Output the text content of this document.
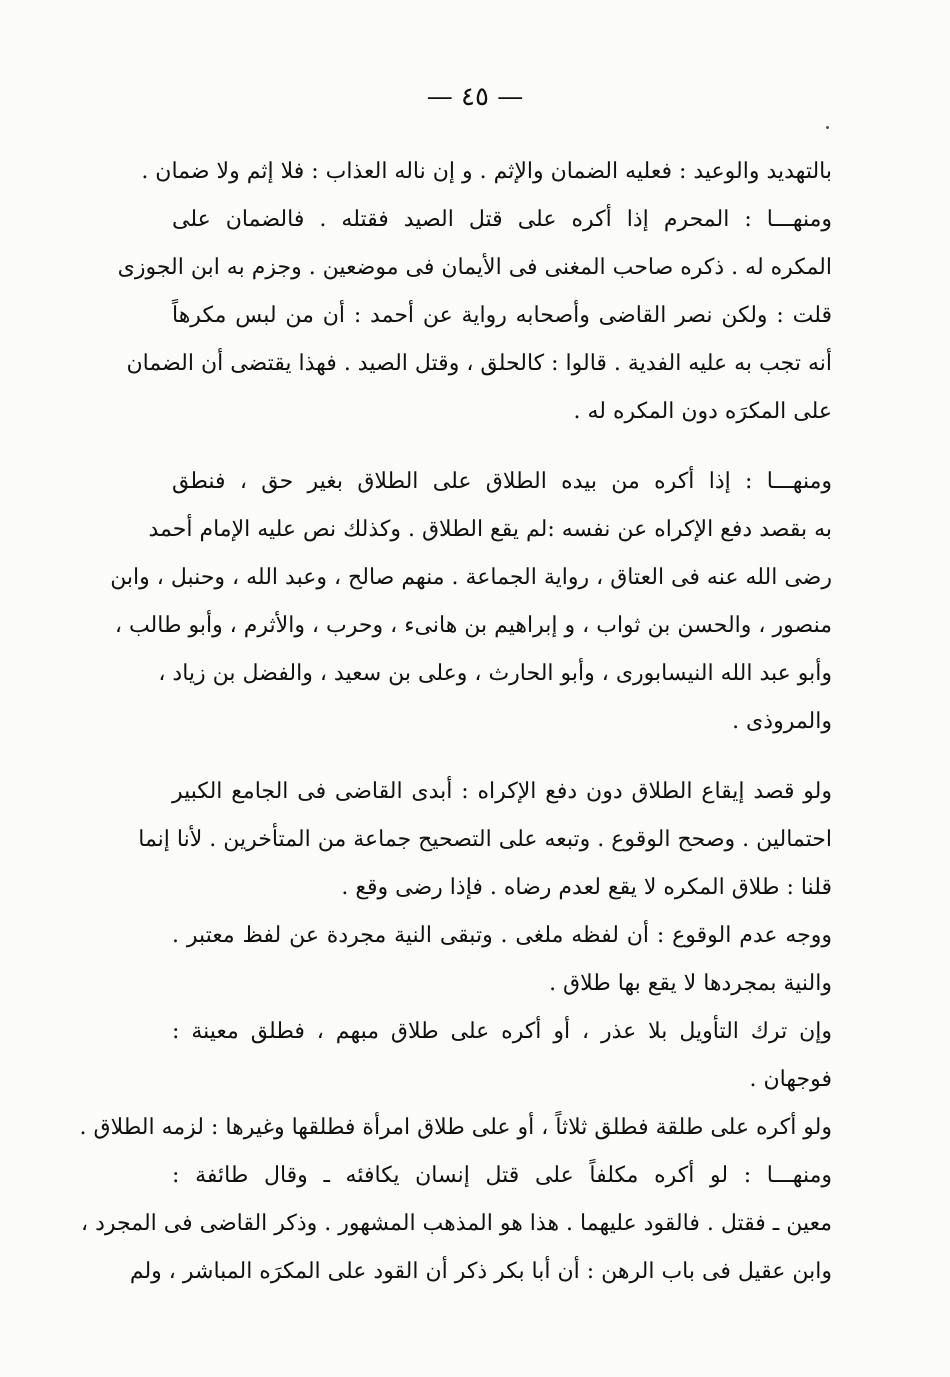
— ٤٥ —
بالتهديد والوعيد : فعليه الضمان والإثم . و إن ناله العذاب : فلا إثم ولا ضمان .
ومنهـــا : المحرم إذا أكره على قتل الصيد فقتله . فالضمان على
المكره له . ذكره صاحب المغنى فى الأيمان فى موضعين . وجزم به ابن الجوزى
قلت : ولكن نصر القاضى وأصحابه رواية عن أحمد : أن من لبس مكرهاً
أنه تجب به عليه الفدية . قالوا : كالحلق ، وقتل الصيد . فهذا يقتضى أن الضمان
على المكرَه دون المكره له .
ومنهـــا : إذا أكره من بيده الطلاق على الطلاق بغير حق ، فنطق
به بقصد دفع الإكراه عن نفسه :لم يقع الطلاق . وكذلك نص عليه الإمام أحمد
رضى الله عنه فى العتاق ، رواية الجماعة . منهم صالح ، وعبد الله ، وحنبل ، وابن
منصور ، والحسن بن ثواب ، و إبراهيم بن هانىء ، وحرب ، والأثرم ، وأبو طالب ،
وأبو عبد الله النيسابورى ، وأبو الحارث ، وعلى بن سعيد ، والفضل بن زياد ،
والمروذى .
ولو قصد إيقاع الطلاق دون دفع الإكراه : أبدى القاضى فى الجامع الكبير
احتمالين . وصحح الوقوع . وتبعه على التصحيح جماعة من المتأخرين . لأنا إنما
قلنا : طلاق المكره لا يقع لعدم رضاه . فإذا رضى وقع .
ووجه عدم الوقوع : أن لفظه ملغى . وتبقى النية مجردة عن لفظ معتبر .
والنية بمجردها لا يقع بها طلاق .
وإن ترك التأويل بلا عذر ، أو أكره على طلاق مبهم ، فطلق معينة :
فوجهان .
ولو أكره على طلقة فطلق ثلاثاً ، أو على طلاق امرأة فطلقها وغيرها : لزمه الطلاق .
ومنهـــا : لو أكره مكلفاً على قتل إنسان يكافئه ـ وقال طائفة :
معين ـ فقتل . فالقود عليهما . هذا هو المذهب المشهور . وذكر القاضى فى المجرد ،
وابن عقيل فى باب الرهن : أن أبا بكر ذكر أن القود على المكرَه المباشر ، ولم
